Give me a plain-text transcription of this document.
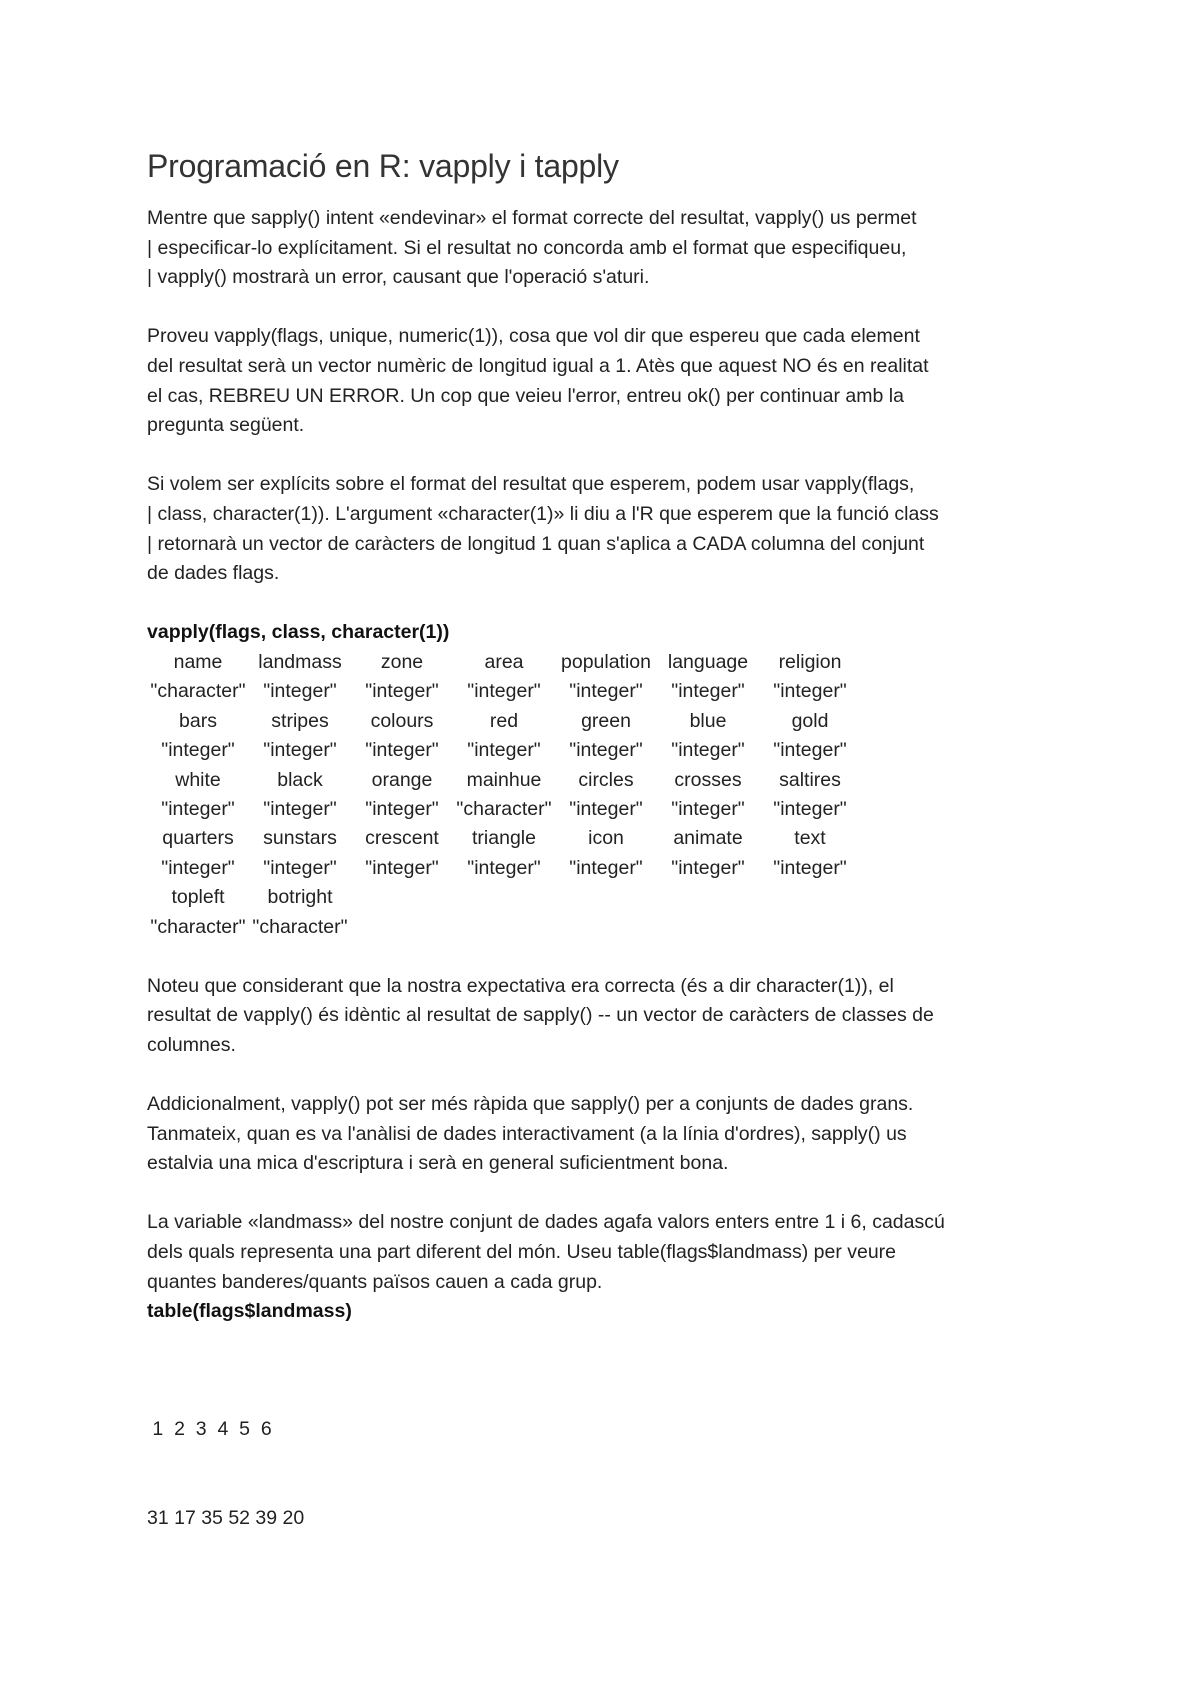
Programació en R: vapply i tapply
Mentre que sapply() intent «endevinar» el format correcte del resultat, vapply() us permet
| especificar-lo explícitament. Si el resultat no concorda amb el format que especifiqueu,
| vapply() mostrarà un error, causant que l'operació s'aturi.
Proveu vapply(flags, unique, numeric(1)), cosa que vol dir que espereu que cada element
del resultat serà un vector numèric de longitud igual a 1. Atès que aquest NO és en realitat
el cas, REBREU UN ERROR. Un cop que veieu l'error, entreu ok() per continuar amb la
pregunta següent.
Si volem ser explícits sobre el format del resultat que esperem, podem usar vapply(flags,
| class, character(1)). L'argument «character(1)» li diu a l'R que esperem que la funció class
| retornarà un vector de caràcters de longitud 1 quan s'aplica a CADA columna del conjunt
de dades flags.
vapply(flags, class, character(1))
name	landmass	zone	area	population language	religion
"character" "integer"	"integer"	"integer"	"integer"	"integer"	"integer"
bars	stripes	colours	red	green	blue	gold
"integer"	"integer"	"integer"	"integer"	"integer"	"integer"	"integer"
white	black	orange	mainhue	circles	crosses	saltires
"integer"	"integer"	"integer" "character" "integer"	"integer"	"integer"
quarters	sunstars	crescent	triangle	icon	animate	text
"integer"	"integer"	"integer"	"integer"	"integer"	"integer"	"integer"
topleft	botright
"character" "character"
Noteu que considerant que la nostra expectativa era correcta (és a dir character(1)), el
resultat de vapply() és idèntic al resultat de sapply() -- un vector de caràcters de classes de
columnes.
Addicionalment, vapply() pot ser més ràpida que sapply() per a conjunts de dades grans.
Tanmateix, quan es va l'anàlisi de dades interactivament (a la línia d'ordres), sapply() us
estalvia una mica d'escriptura i serà en general suficientment bona.
La variable «landmass» del nostre conjunt de dades agafa valors enters entre 1 i 6, cadascú
dels quals representa una part diferent del món. Useu table(flags$landmass) per veure
quantes banderes/quants països cauen a cada grup.
table(flags$landmass)

1  2  3  4  5  6

31 17 35 52 39 20
